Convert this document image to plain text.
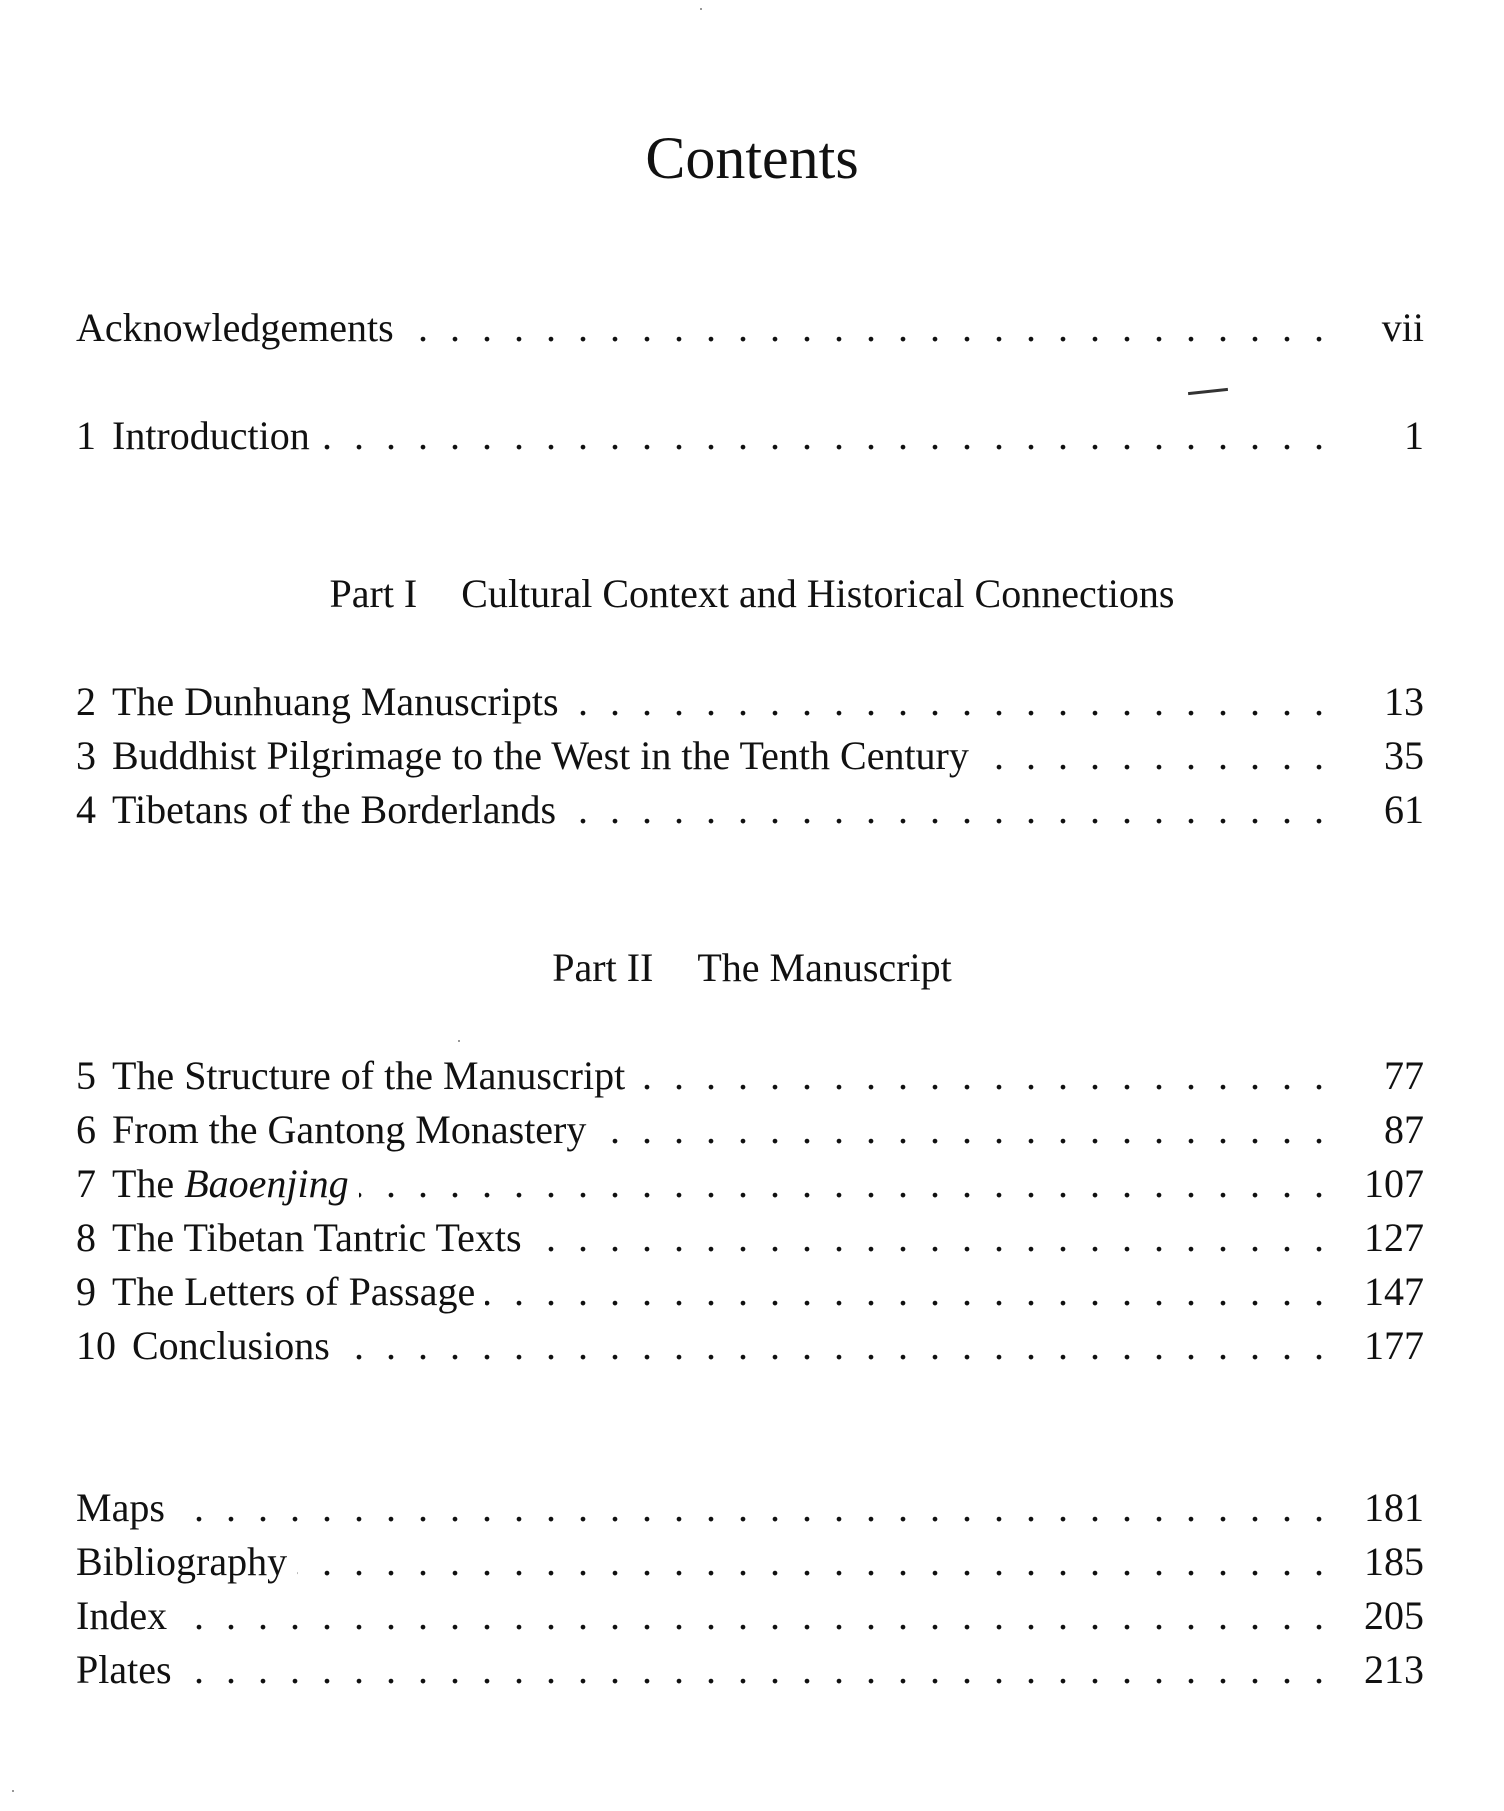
Contents
. . .
Acknowledgements	vii
. . .
1 Introduction	1
Part I Cultural Context and Historical Connections
. . .
2 The Dunhuang Manuscripts	13
. . .
3 Buddhist Pilgrimage to the West in the Tenth Century	35
. . .
4 Tibetans of the Borderlands	61
Part II The Manuscript
. . .
5 The Structure of the Manuscript	77
. . .
6 From the Gantong Monastery	87
. . .
7 The Baoenjing	107
. . .
8 The Tibetan Tantric Texts	127
. . .
9 The Letters of Passage	147
. . .
10 Conclusions	177
. . .
Maps	181
. . .
Bibliography	185
. . .
Index	205
. . .
Plates	213
